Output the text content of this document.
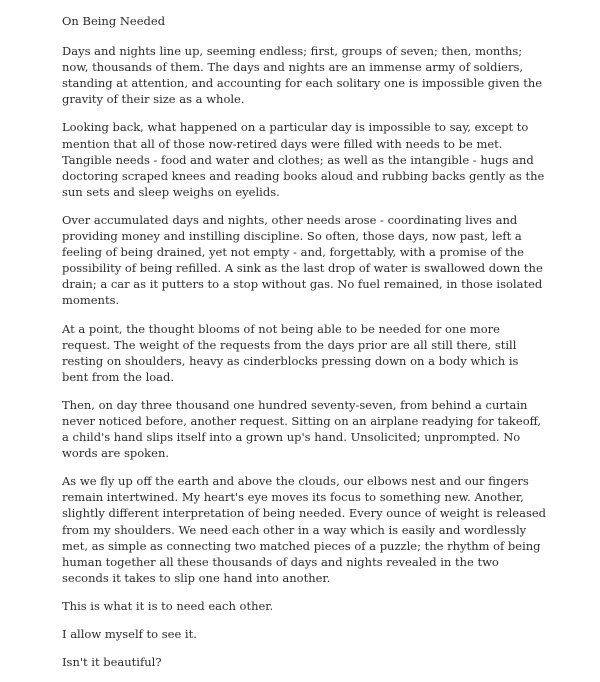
On Being Needed

Days and nights line up, seeming endless; first, groups of seven; then, months; now, thousands of them. The days and nights are an immense army of soldiers, standing at attention, and accounting for each solitary one is impossible given the gravity of their size as a whole.

Looking back, what happened on a particular day is impossible to say, except to mention that all of those now-retired days were filled with needs to be met. Tangible needs - food and water and clothes; as well as the intangible - hugs and doctoring scraped knees and reading books aloud and rubbing backs gently as the sun sets and sleep weighs on eyelids.

Over accumulated days and nights, other needs arose - coordinating lives and providing money and instilling discipline. So often, those days, now past, left a feeling of being drained, yet not empty - and, forgettably, with a promise of the possibility of being refilled. A sink as the last drop of water is swallowed down the drain; a car as it putters to a stop without gas. No fuel remained, in those isolated moments.

At a point, the thought blooms of not being able to be needed for one more request. The weight of the requests from the days prior are all still there, still resting on shoulders, heavy as cinderblocks pressing down on a body which is bent from the load.

Then, on day three thousand one hundred seventy-seven, from behind a curtain never noticed before, another request. Sitting on an airplane readying for takeoff, a child's hand slips itself into a grown up's hand. Unsolicited; unprompted. No words are spoken.

As we fly up off the earth and above the clouds, our elbows nest and our fingers remain intertwined. My heart's eye moves its focus to something new. Another, slightly different interpretation of being needed. Every ounce of weight is released from my shoulders. We need each other in a way which is easily and wordlessly met, as simple as connecting two matched pieces of a puzzle; the rhythm of being human together all these thousands of days and nights revealed in the two seconds it takes to slip one hand into another.

This is what it is to need each other.

I allow myself to see it.

Isn't it beautiful?
